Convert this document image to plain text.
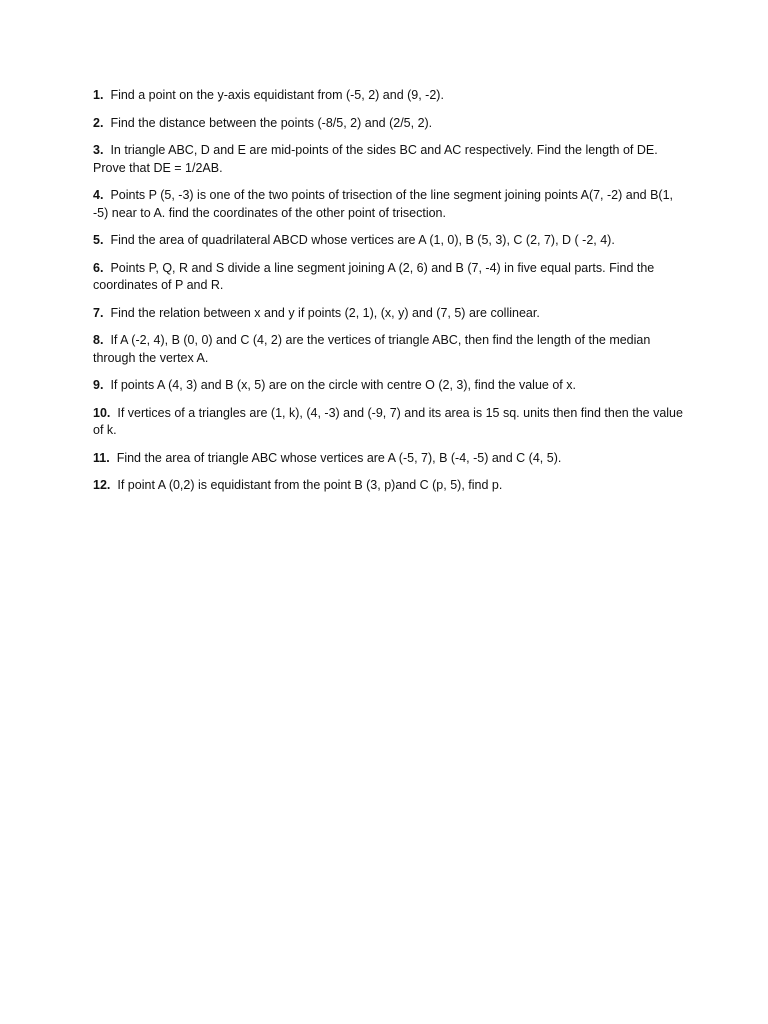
1. Find a point on the y-axis equidistant from (-5, 2) and (9, -2).
2. Find the distance between the points (-8/5, 2) and (2/5, 2).
3. In triangle ABC, D and E are mid-points of the sides BC and AC respectively. Find the length of DE. Prove that DE = 1/2AB.
4. Points P (5, -3) is one of the two points of trisection of the line segment joining points A(7, -2) and B(1, -5) near to A. find the coordinates of the other point of trisection.
5. Find the area of quadrilateral ABCD whose vertices are A (1, 0), B (5, 3), C (2, 7), D ( -2, 4).
6. Points P, Q, R and S divide a line segment joining A (2, 6) and B (7, -4) in five equal parts. Find the coordinates of P and R.
7. Find the relation between x and y if points (2, 1), (x, y) and (7, 5) are collinear.
8. If A (-2, 4), B (0, 0) and C (4, 2) are the vertices of triangle ABC, then find the length of the median through the vertex A.
9. If points A (4, 3) and B (x, 5) are on the circle with centre O (2, 3), find the value of x.
10. If vertices of a triangles are (1, k), (4, -3) and (-9, 7) and its area is 15 sq. units then find then the value of k.
11. Find the area of triangle ABC whose vertices are A (-5, 7), B (-4, -5) and C (4, 5).
12. If point A (0,2) is equidistant from the point B (3, p)and C (p, 5), find p.
